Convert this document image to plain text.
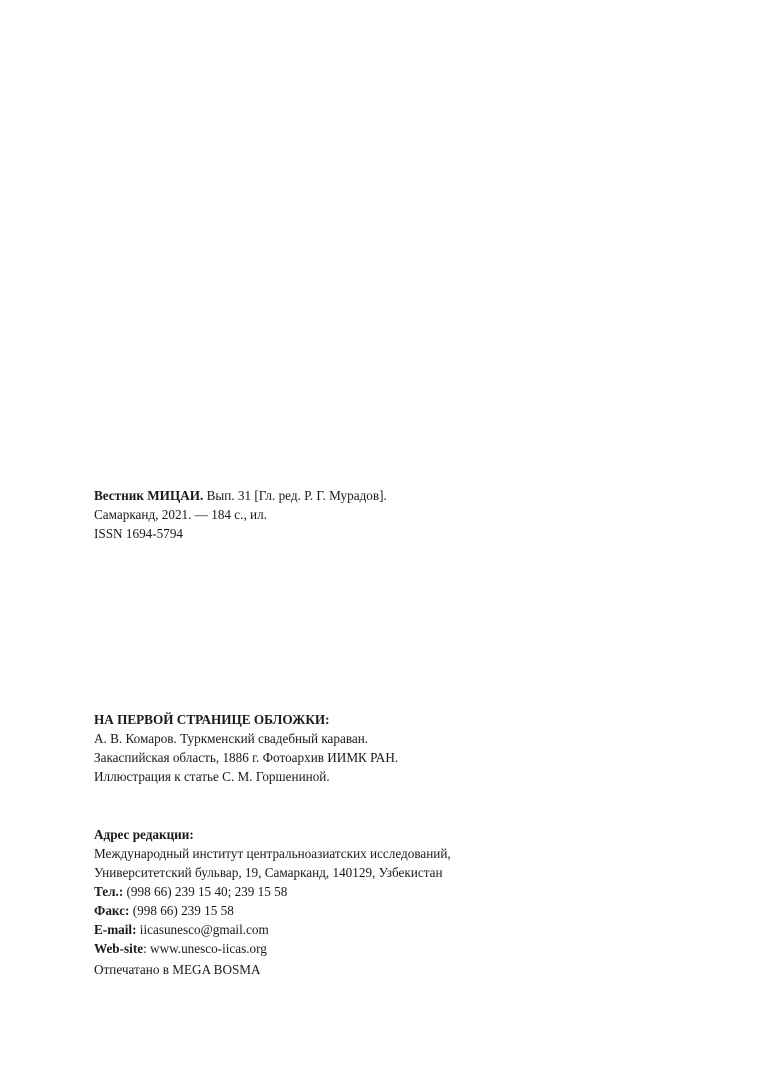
Вестник МИЦАИ. Вып. 31 [Гл. ред. Р. Г. Мурадов].
Самарканд, 2021. — 184 с., ил.
ISSN 1694-5794
НА ПЕРВОЙ СТРАНИЦЕ ОБЛОЖКИ:
А. В. Комаров. Туркменский свадебный караван.
Закаспийская область, 1886 г. Фотоархив ИИМК РАН.
Иллюстрация к статье С. М. Горшениной.
Адрес редакции:
Международный институт центральноазиатских исследований,
Университетский бульвар, 19, Самарканд, 140129, Узбекистан
Тел.: (998 66) 239 15 40; 239 15 58
Факс: (998 66) 239 15 58
E-mail: iicasunesco@gmail.com
Web-site: www.unesco-iicas.org
Отпечатано в MEGA BOSMA
